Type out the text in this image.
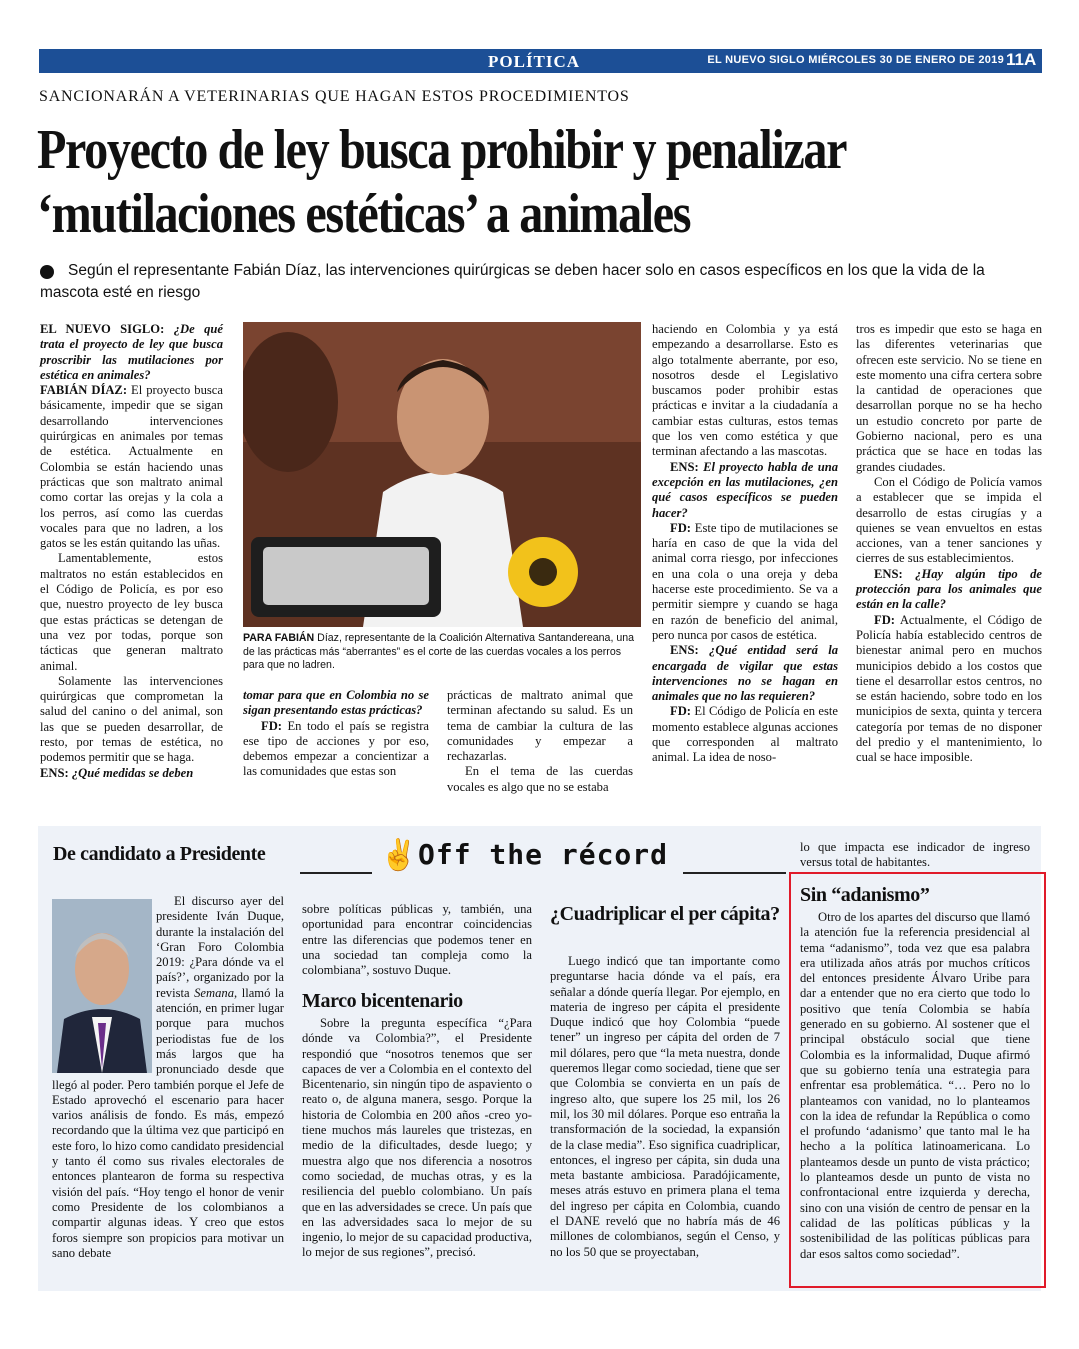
POLÍTICA	EL NUEVO SIGLO MIÉRCOLES 30 DE ENERO DE 2019 11A
SANCIONARÁN A VETERINARIAS QUE HAGAN ESTOS PROCEDIMIENTOS
Proyecto de ley busca prohibir y penalizar
‘mutilaciones estéticas’ a animales
Según el representante Fabián Díaz, las intervenciones quirúrgicas se deben hacer solo en casos específicos en los que la vida de la mascota esté en riesgo

EL NUEVO SIGLO: ¿De qué trata el proyecto de ley que busca proscribir las mutilaciones por estética en animales?

FABIÁN DÍAZ: El proyecto busca básicamente, impedir que se sigan desarrollando intervenciones quirúrgicas en animales por temas de estética. Actualmente en Colombia se están haciendo unas prácticas que son maltrato animal como cortar las orejas y la cola a los perros, así como las cuerdas vocales para que no ladren, a los gatos se les están quitando las uñas.

Lamentablemente, estos maltratos no están establecidos en el Código de Policía, es por eso que, nuestro proyecto de ley busca que estas prácticas se detengan de una vez por todas, porque son tácticas que generan maltrato animal.

Solamente las intervenciones quirúrgicas que comprometan la salud del canino o del animal, son las que se pueden desarrollar, de resto, por temas de estética, no podemos permitir que se haga.

ENS: ¿Qué medidas se deben

PARA FABIÁN Díaz, representante de la Coalición Alternativa Santandereana, una de las prácticas más “aberrantes” es el corte de las cuerdas vocales a los perros para que no ladren.

tomar para que en Colombia no se sigan presentando estas prácticas?

FD: En todo el país se registra ese tipo de acciones y por eso, debemos empezar a concientizar a las comunidades que estas son

prácticas de maltrato animal que terminan afectando su salud. Es un tema de cambiar la cultura de las comunidades y empezar a rechazarlas.

En el tema de las cuerdas vocales es algo que no se estaba

haciendo en Colombia y ya está empezando a desarrollarse. Esto es algo totalmente aberrante, por eso, nosotros desde el Legislativo buscamos poder prohibir estas prácticas e invitar a la ciudadanía a cambiar estas culturas, estos temas que los ven como estética y que terminan afectando a las mascotas.

ENS: El proyecto habla de una excepción en las mutilaciones, ¿en qué casos específicos se pueden hacer?

FD: Este tipo de mutilaciones se haría en caso de que la vida del animal corra riesgo, por infecciones en una cola o una oreja y deba hacerse este procedimiento. Se va a permitir siempre y cuando se haga en razón de beneficio del animal, pero nunca por casos de estética.

ENS: ¿Qué entidad será la encargada de vigilar que estas intervenciones no se hagan en animales que no las requieren?

FD: El Código de Policía en este momento establece algunas acciones que corresponden al maltrato animal. La idea de noso-

tros es impedir que esto se haga en las diferentes veterinarias que ofrecen este servicio. No se tiene en este momento una cifra certera sobre la cantidad de operaciones que desarrollan porque no se ha hecho un estudio concreto por parte de Gobierno nacional, pero es una práctica que se hace en todas las grandes ciudades.

Con el Código de Policía vamos a establecer que se impida el desarrollo de estas cirugías y a quienes se vean envueltos en estas acciones, van a tener sanciones y cierres de sus establecimientos.

ENS: ¿Hay algún tipo de protección para los animales que están en la calle?

FD: Actualmente, el Código de Policía había establecido centros de bienestar animal pero en muchos municipios debido a los costos que tiene el desarrollar estos centros, no se están haciendo, sobre todo en los municipios de sexta, quinta y tercera categoría por temas de no disponer del predio y el mantenimiento, lo cual se hace imposible.

✌ Off the récord
De candidato a Presidente
El discurso ayer del presidente Iván Duque, durante la instalación del ‘Gran Foro Colombia 2019: ¿Para dónde va el país?’, organizado por la revista Semana, llamó la atención, en primer lugar porque para muchos periodistas fue de los más largos que ha pronunciado desde que llegó al poder. Pero también porque el Jefe de Estado aprovechó el escenario para hacer varios análisis de fondo. Es más, empezó recordando que la última vez que participó en este foro, lo hizo como candidato presidencial y tanto él como sus rivales electorales de entonces plantearon de forma su respectiva visión del país. “Hoy tengo el honor de venir como Presidente de los colombianos a compartir algunas ideas. Y creo que estos foros siempre son propicios para motivar un sano debate
sobre políticas públicas y, también, una oportunidad para encontrar coincidencias entre las diferencias que podemos tener en una sociedad tan compleja como la colombiana”, sostuvo Duque.
Marco bicentenario
Sobre la pregunta específica “¿Para dónde va Colombia?”, el Presidente respondió que “nosotros tenemos que ser capaces de ver a Colombia en el contexto del Bicentenario, sin ningún tipo de aspaviento o reato o, de alguna manera, sesgo. Porque la historia de Colombia en 200 años -creo yo- tiene muchos más laureles que tristezas, en medio de la dificultades, desde luego; y muestra algo que nos diferencia a nosotros como sociedad, de muchas otras, y es la resiliencia del pueblo colombiano. Un país que en las adversidades se crece. Un país que en las adversidades saca lo mejor de su ingenio, lo mejor de su capacidad productiva, lo mejor de sus regiones”, precisó.
¿Cuadriplicar el per cápita?
Luego indicó que tan importante como preguntarse hacia dónde va el país, era señalar a dónde quería llegar. Por ejemplo, en materia de ingreso per cápita el presidente Duque indicó que hoy Colombia “puede tener” un ingreso per cápita del orden de 7 mil dólares, pero que “la meta nuestra, donde queremos llegar como sociedad, tiene que ser que Colombia se convierta en un país de ingreso alto, que supere los 25 mil, los 26 mil, los 30 mil dólares. Porque eso entraña la transformación de la sociedad, la expansión de la clase media”. Eso significa cuadriplicar, entonces, el ingreso per cápita, sin duda una meta bastante ambiciosa. Paradójicamente, meses atrás estuvo en primera plana el tema del ingreso per cápita en Colombia, cuando el DANE reveló que no habría más de 46 millones de colombianos, según el Censo, y no los 50 que se proyectaban,
lo que impacta ese indicador de ingreso versus total de habitantes.
Sin “adanismo”
Otro de los apartes del discurso que llamó la atención fue la referencia presidencial al tema “adanismo”, toda vez que esa palabra era utilizada años atrás por muchos críticos del entonces presidente Álvaro Uribe para dar a entender que no era cierto que todo lo positivo que tenía Colombia se había generado en su gobierno. Al sostener que el principal obstáculo social que tiene Colombia es la informalidad, Duque afirmó que su gobierno tenía una estrategia para enfrentar esa problemática. “… Pero no lo planteamos con vanidad, no lo planteamos con la idea de refundar la República o como el profundo ‘adanismo’ que tanto mal le ha hecho a la política latinoamericana. Lo planteamos desde un punto de vista práctico; lo planteamos desde un punto de vista no confrontacional entre izquierda y derecha, sino con una visión de centro de pensar en la calidad de las políticas públicas y la sostenibilidad de las políticas públicas para dar esos saltos como sociedad”.
